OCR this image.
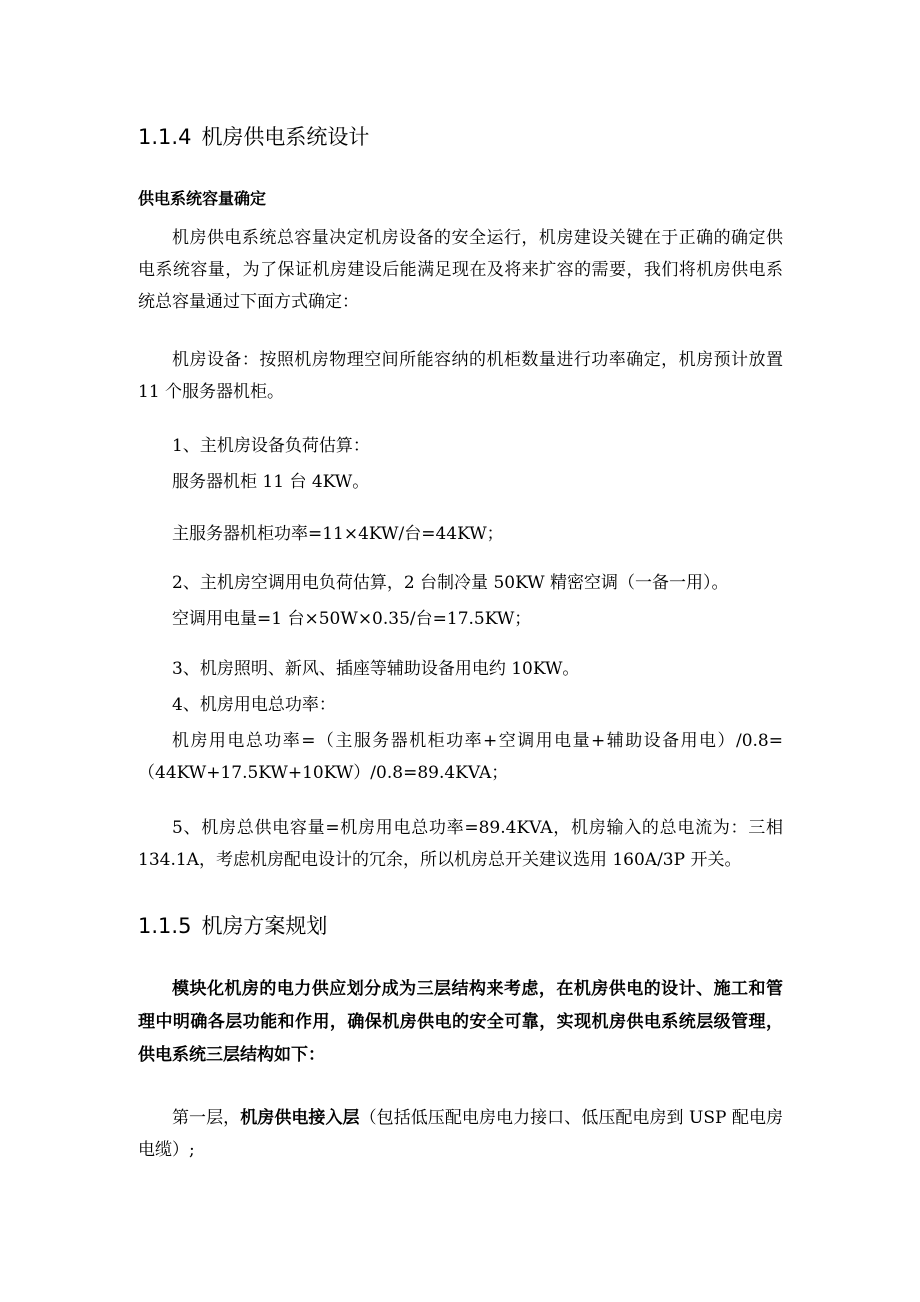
1.1.4 机房供电系统设计
供电系统容量确定
机房供电系统总容量决定机房设备的安全运行，机房建设关键在于正确的确定供电系统容量，为了保证机房建设后能满足现在及将来扩容的需要，我们将机房供电系统总容量通过下面方式确定：
机房设备：按照机房物理空间所能容纳的机柜数量进行功率确定，机房预计放置 11 个服务器机柜。
1、主机房设备负荷估算：
服务器机柜 11 台 4KW。
主服务器机柜功率=11×4KW/台=44KW；
2、主机房空调用电负荷估算，2 台制冷量 50KW 精密空调（一备一用）。
空调用电量=1 台×50W×0.35/台=17.5KW；
3、机房照明、新风、插座等辅助设备用电约 10KW。
4、机房用电总功率：
机房用电总功率=（主服务器机柜功率+空调用电量+辅助设备用电）/0.8=（44KW+17.5KW+10KW）/0.8=89.4KVA；
5、机房总供电容量=机房用电总功率=89.4KVA，机房输入的总电流为：三相 134.1A，考虑机房配电设计的冗余，所以机房总开关建议选用 160A/3P 开关。
1.1.5 机房方案规划
模块化机房的电力供应划分成为三层结构来考虑，在机房供电的设计、施工和管理中明确各层功能和作用，确保机房供电的安全可靠，实现机房供电系统层级管理，供电系统三层结构如下：
第一层，机房供电接入层（包括低压配电房电力接口、低压配电房到 USP 配电房电缆）;
